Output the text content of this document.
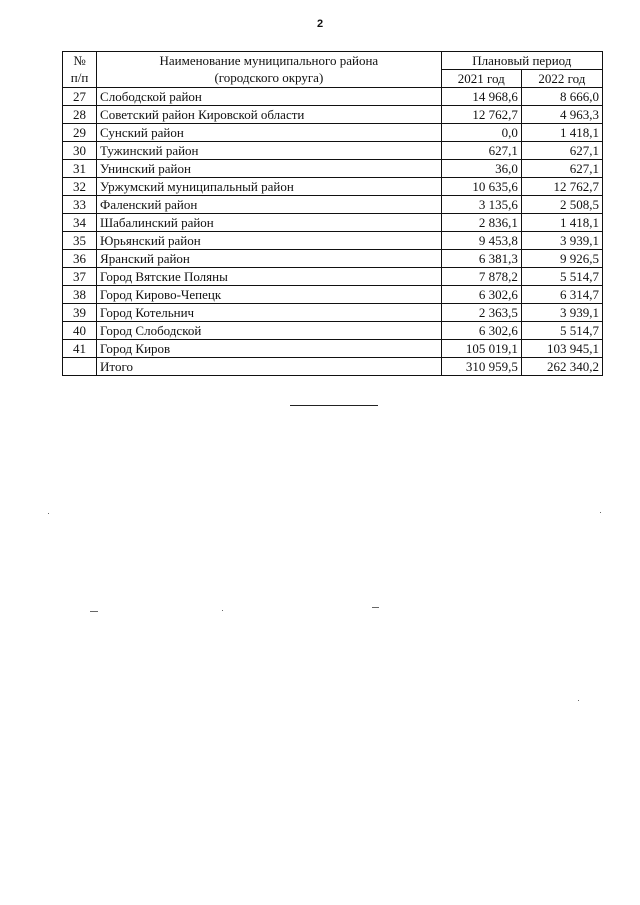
2
№
п/п	Наименование муниципального района
(городского округа)	Плановый период	
		2021 год	2022 год
27	Слободской район	14 968,6	8 666,0
28	Советский район Кировской области	12 762,7	4 963,3
29	Сунский район	0,0	1 418,1
30	Тужинский район	627,1	627,1
31	Унинский район	36,0	627,1
32	Уржумский муниципальный район	10 635,6	12 762,7
33	Фаленский район	3 135,6	2 508,5
34	Шабалинский район	2 836,1	1 418,1
35	Юрьянский район	9 453,8	3 939,1
36	Яранский район	6 381,3	9 926,5
37	Город Вятские Поляны	7 878,2	5 514,7
38	Город Кирово-Чепецк	6 302,6	6 314,7
39	Город Котельнич	2 363,5	3 939,1
40	Город Слободской	6 302,6	5 514,7
41	Город Киров	105 019,1	103 945,1
	Итого	310 959,5	262 340,2
